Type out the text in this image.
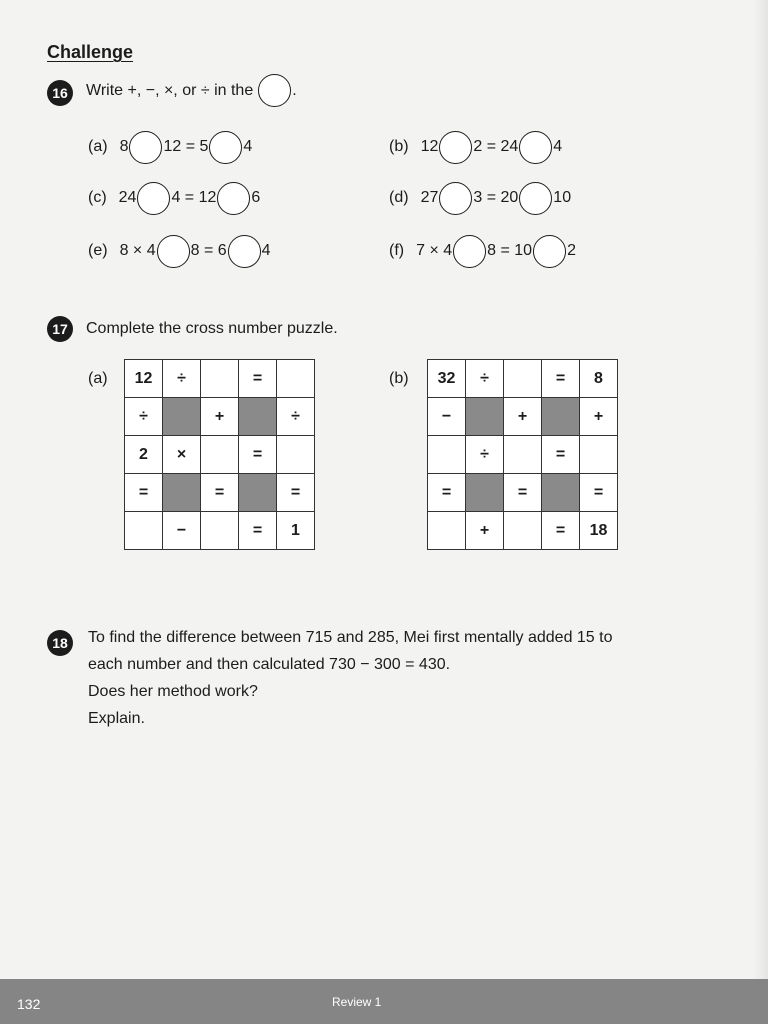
Challenge
16	Write +, −, ×, or ÷ in the .
(a) 8 12 = 5 4	(b) 12 2 = 24 4
(c) 24 4 = 12 6	(d) 27 3 = 20 10
(e) 8 × 4 8 = 6 4	(f) 7 × 4 8 = 10 2
17	Complete the cross number puzzle.
(a) 12	÷		=	
÷		+		÷
2	×		=	
=		=		=
	−		=	1
(b) 32	÷		=	8
−		+		+
	÷		=	
=		=		=
	+		=	18
18	To find the difference between 715 and 285, Mei first mentally added 15 to
each number and then calculated 730 − 300 = 430.
Does her method work?
Explain.
132	Review 1
